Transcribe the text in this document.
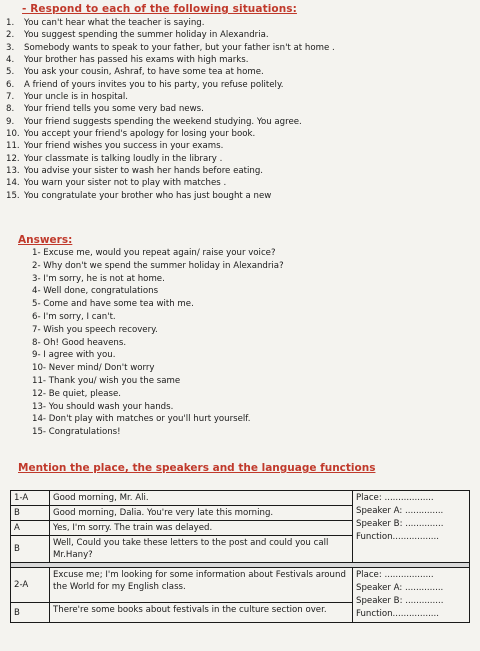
- Respond to each of the following situations:
1. You can't hear what the teacher is saying.
2. You suggest spending the summer holiday in Alexandria.
3. Somebody wants to speak to your father, but your father isn't at home .
4. Your brother has passed his exams with high marks.
5. You ask your cousin, Ashraf, to have some tea at home.
6. A friend of yours invites you to his party, you refuse politely.
7. Your uncle is in hospital.
8. Your friend tells you some very bad news.
9. Your friend suggests spending the weekend studying. You agree.
10. You accept your friend's apology for losing your book.
11. Your friend wishes you success in your exams.
12. Your classmate is talking loudly in the library .
13. You advise your sister to wash her hands before eating.
14. You warn your sister not to play with matches .
15. You congratulate your brother who has just bought a new
Answers:
1- Excuse me, would you repeat again/ raise your voice?
2- Why don't we spend the summer holiday in Alexandria?
3- I'm sorry, he is not at home.
4- Well done, congratulations
5- Come and have some tea with me.
6- I'm sorry, I can't.
7- Wish you speech recovery.
8- Oh! Good heavens.
9- I agree with you.
10- Never mind/ Don't worry
11- Thank you/ wish you the same
12- Be quiet, please.
13- You should wash your hands.
14- Don't play with matches or you'll hurt yourself.
15- Congratulations!
Mention the place, the speakers and the language functions
1-A	Good morning, Mr. Ali.	Place: ..................
Speaker A: ..............
Speaker B: ..............
Function.................

B	Good morning, Dalia. You're very late this morning.	
A	Yes, I'm sorry. The train was delayed.	
B	Well, Could you take these letters to the post and could you call Mr.Hany?	

2-A	Excuse me; I'm looking for some information about Festivals around the World for my English class.	Place: ..................
Speaker A: ..............
Speaker B: ..............
Function.................

B	There're some books about festivals in the culture section over.	
